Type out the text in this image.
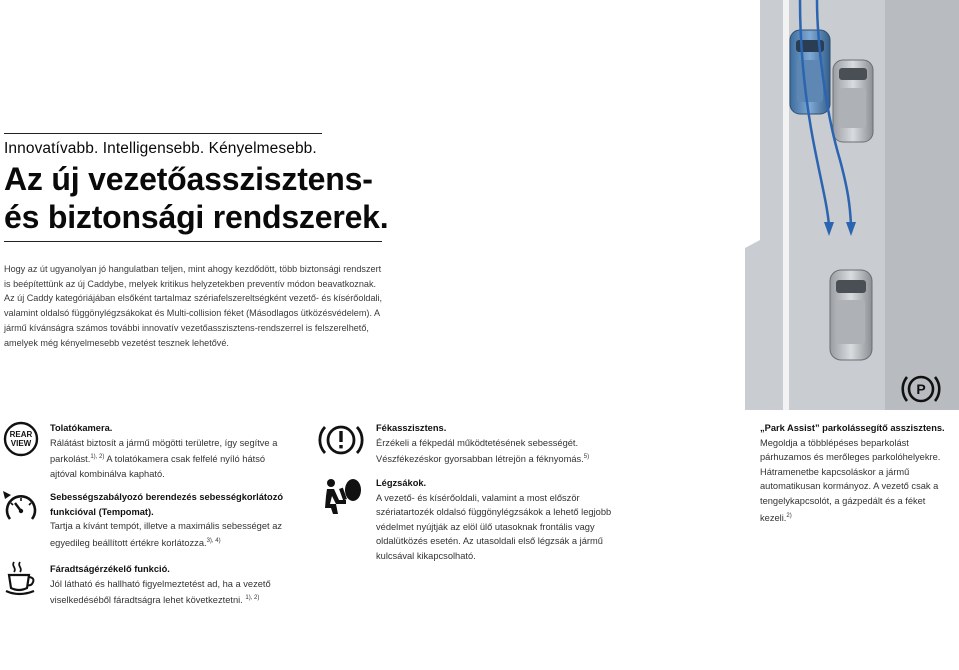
Innovatívabb. Intelligensebb. Kényelmesebb.
Az új vezetőasszisztens-
és biztonsági rendszerek.

Hogy az út ugyanolyan jó hangulatban teljen, mint ahogy kezdődött, több biztonsági rendszert is beépítettünk az új Caddybe, melyek kritikus helyzetekben preventív módon beavatkoznak. Az új Caddy kategóriájában elsőként tartalmaz szériafelszereltségként vezető- és kísérőoldali, valamint oldalsó függönylégzsákokat és Multi-collision féket (Másodlagos ütközésvédelem). A jármű kívánságra számos további innovatív vezetőasszisztens-rendszerrel is felszerelhető, amelyek még kényelmesebb vezetést tesznek lehetővé.

P
REAR
VIEW
Tolatókamera.
Rálátást biztosít a jármű mögötti területre, így segítve a parkolást.$^{1), 2)}$ A tolatókamera csak felfelé nyíló hátsó ajtóval kombinálva kapható.
Sebességszabályozó berendezés sebességkorlátozó funkcióval (Tempomat).
Tartja a kívánt tempót, illetve a maximális sebességet az egyedileg beállított értékre korlátozza.$^{3), 4)}$
Fáradtságérzékelő funkció.
Jól látható és hallható figyelmeztetést ad, ha a vezető viselkedéséből fáradtságra lehet következtetni. $^{1), 2)}$
Fékasszisztens.
Érzékeli a fékpedál működtetésének sebességét. Vészfékezéskor gyorsabban létrejön a féknyomás.$^{5)}$
Légzsákok.
A vezető- és kísérőoldali, valamint a most először szériatartozék oldalsó függönylégzsákok a lehető legjobb védelmet nyújtják az elöl ülő utasoknak frontális vagy oldalütközés esetén. Az utasoldali első légzsák a jármű kulcsával kikapcsolható.
„Park Assist” parkolássegítő asszisztens.
Megoldja a többlépéses beparkolást párhuzamos és merőleges parkolóhelyekre. Hátramenetbe kapcsoláskor a jármű automatikusan kormányoz. A vezető csak a tengelykapcsolót, a gázpedált és a féket kezeli.$^{2)}$
